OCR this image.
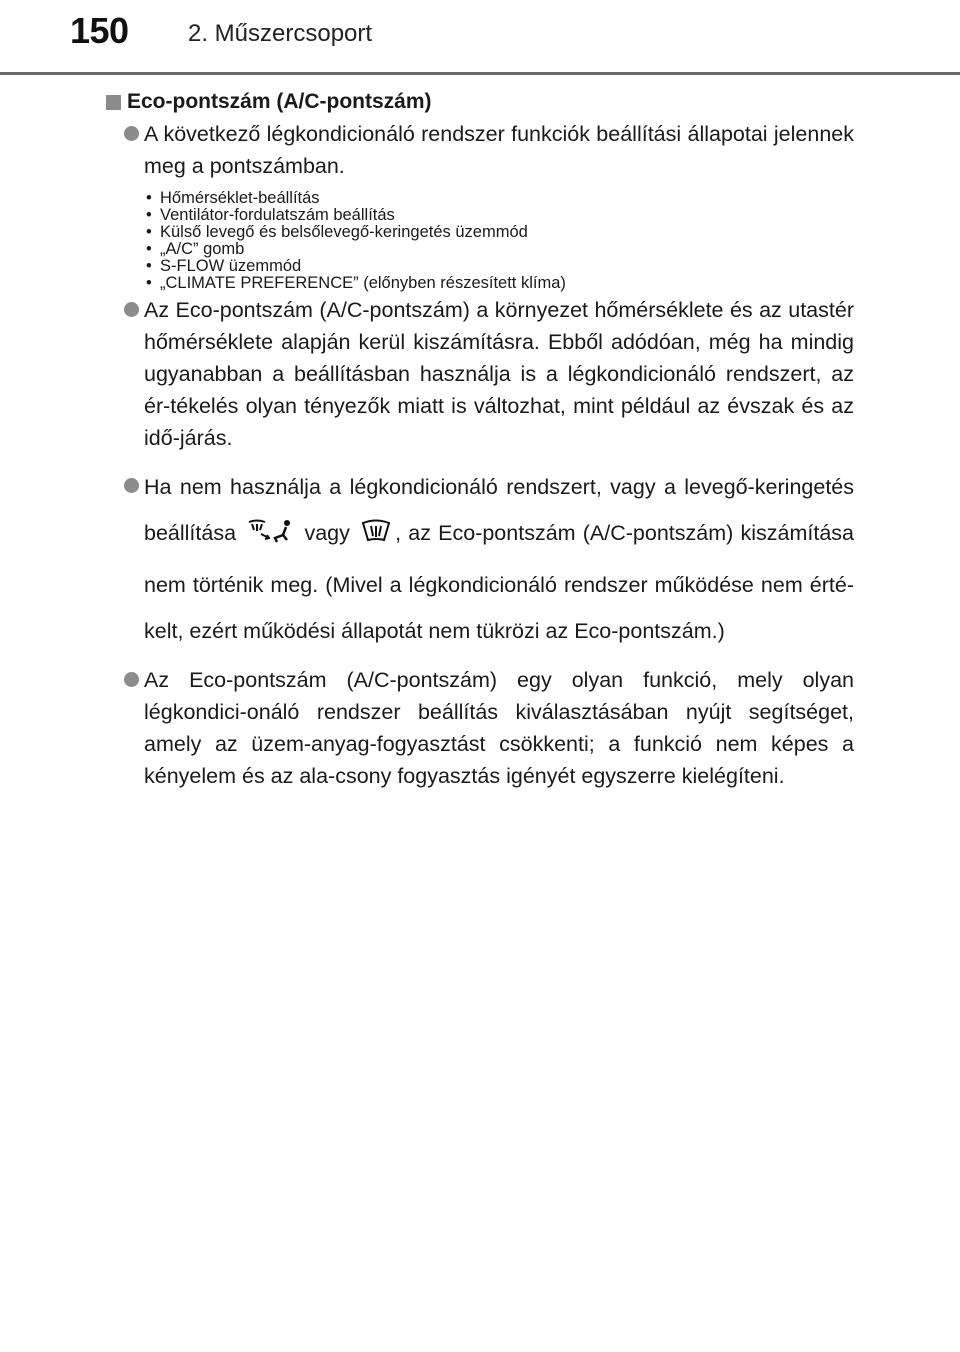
150 2. Műszercsoport
Eco-pontszám (A/C-pontszám)
A következő légkondicionáló rendszer funkciók beállítási állapotai jelennek meg a pontszámban.
• Hőmérséklet-beállítás
• Ventilátor-fordulatszám beállítás
• Külső levegő és belsőlevegő-keringetés üzemmód
• „A/C” gomb
• S-FLOW üzemmód
• „CLIMATE PREFERENCE” (előnyben részesített klíma)
Az Eco-pontszám (A/C-pontszám) a környezet hőmérséklete és az utastér hőmérséklete alapján kerül kiszámításra. Ebből adódóan, még ha mindig ugyanabban a beállításban használja is a légkondicionáló rendszert, az ér-tékelés olyan tényezők miatt is változhat, mint például az évszak és az idő-járás.
Ha nem használja a légkondicionáló rendszert, vagy a levegő-keringetés beállítása	vagy , az Eco-pontszám (A/C-pontszám) kiszámítása nem történik meg. (Mivel a légkondicionáló rendszer működése nem érté-kelt, ezért működési állapotát nem tükrözi az Eco-pontszám.)
Az Eco-pontszám (A/C-pontszám) egy olyan funkció, mely olyan légkondici-onáló rendszer beállítás kiválasztásában nyújt segítséget, amely az üzem-anyag-fogyasztást csökkenti; a funkció nem képes a kényelem és az ala-csony fogyasztás igényét egyszerre kielégíteni.
